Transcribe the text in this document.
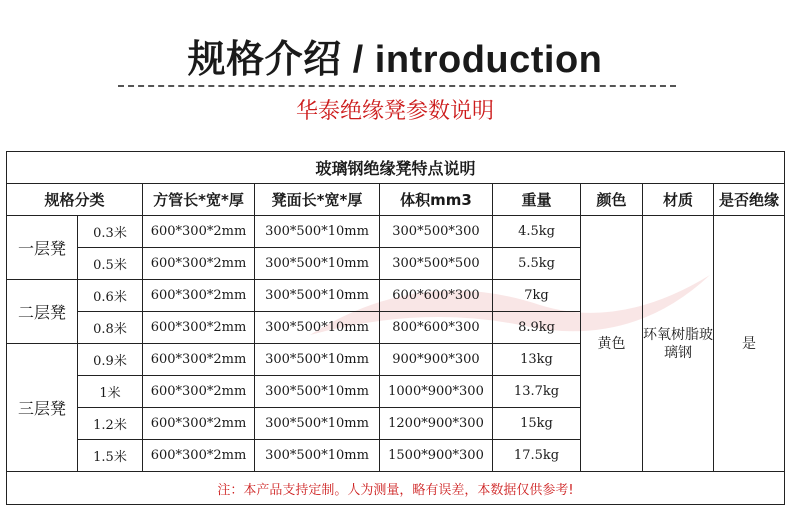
规格介绍 / introduction
华泰绝缘凳参数说明
玻璃钢绝缘凳特点说明								
规格分类		方管长*宽*厚	凳面长*宽*厚	体积mm3	重量	颜色	材质	是否绝缘
一层凳	0.3米	600*300*2mm	300*500*10mm	300*500*300	4.5kg	黄色	环氧树脂玻璃钢	是
	0.5米	600*300*2mm	300*500*10mm	300*500*500	5.5kg			
二层凳	0.6米	600*300*2mm	300*500*10mm	600*600*300	7kg			
	0.8米	600*300*2mm	300*500*10mm	800*600*300	8.9kg			
三层凳	0.9米	600*300*2mm	300*500*10mm	900*900*300	13kg			
	1米	600*300*2mm	300*500*10mm	1000*900*300	13.7kg			
	1.2米	600*300*2mm	300*500*10mm	1200*900*300	15kg			
	1.5米	600*300*2mm	300*500*10mm	1500*900*300	17.5kg			
注：本产品支持定制。人为测量，略有误差，本数据仅供参考!								
